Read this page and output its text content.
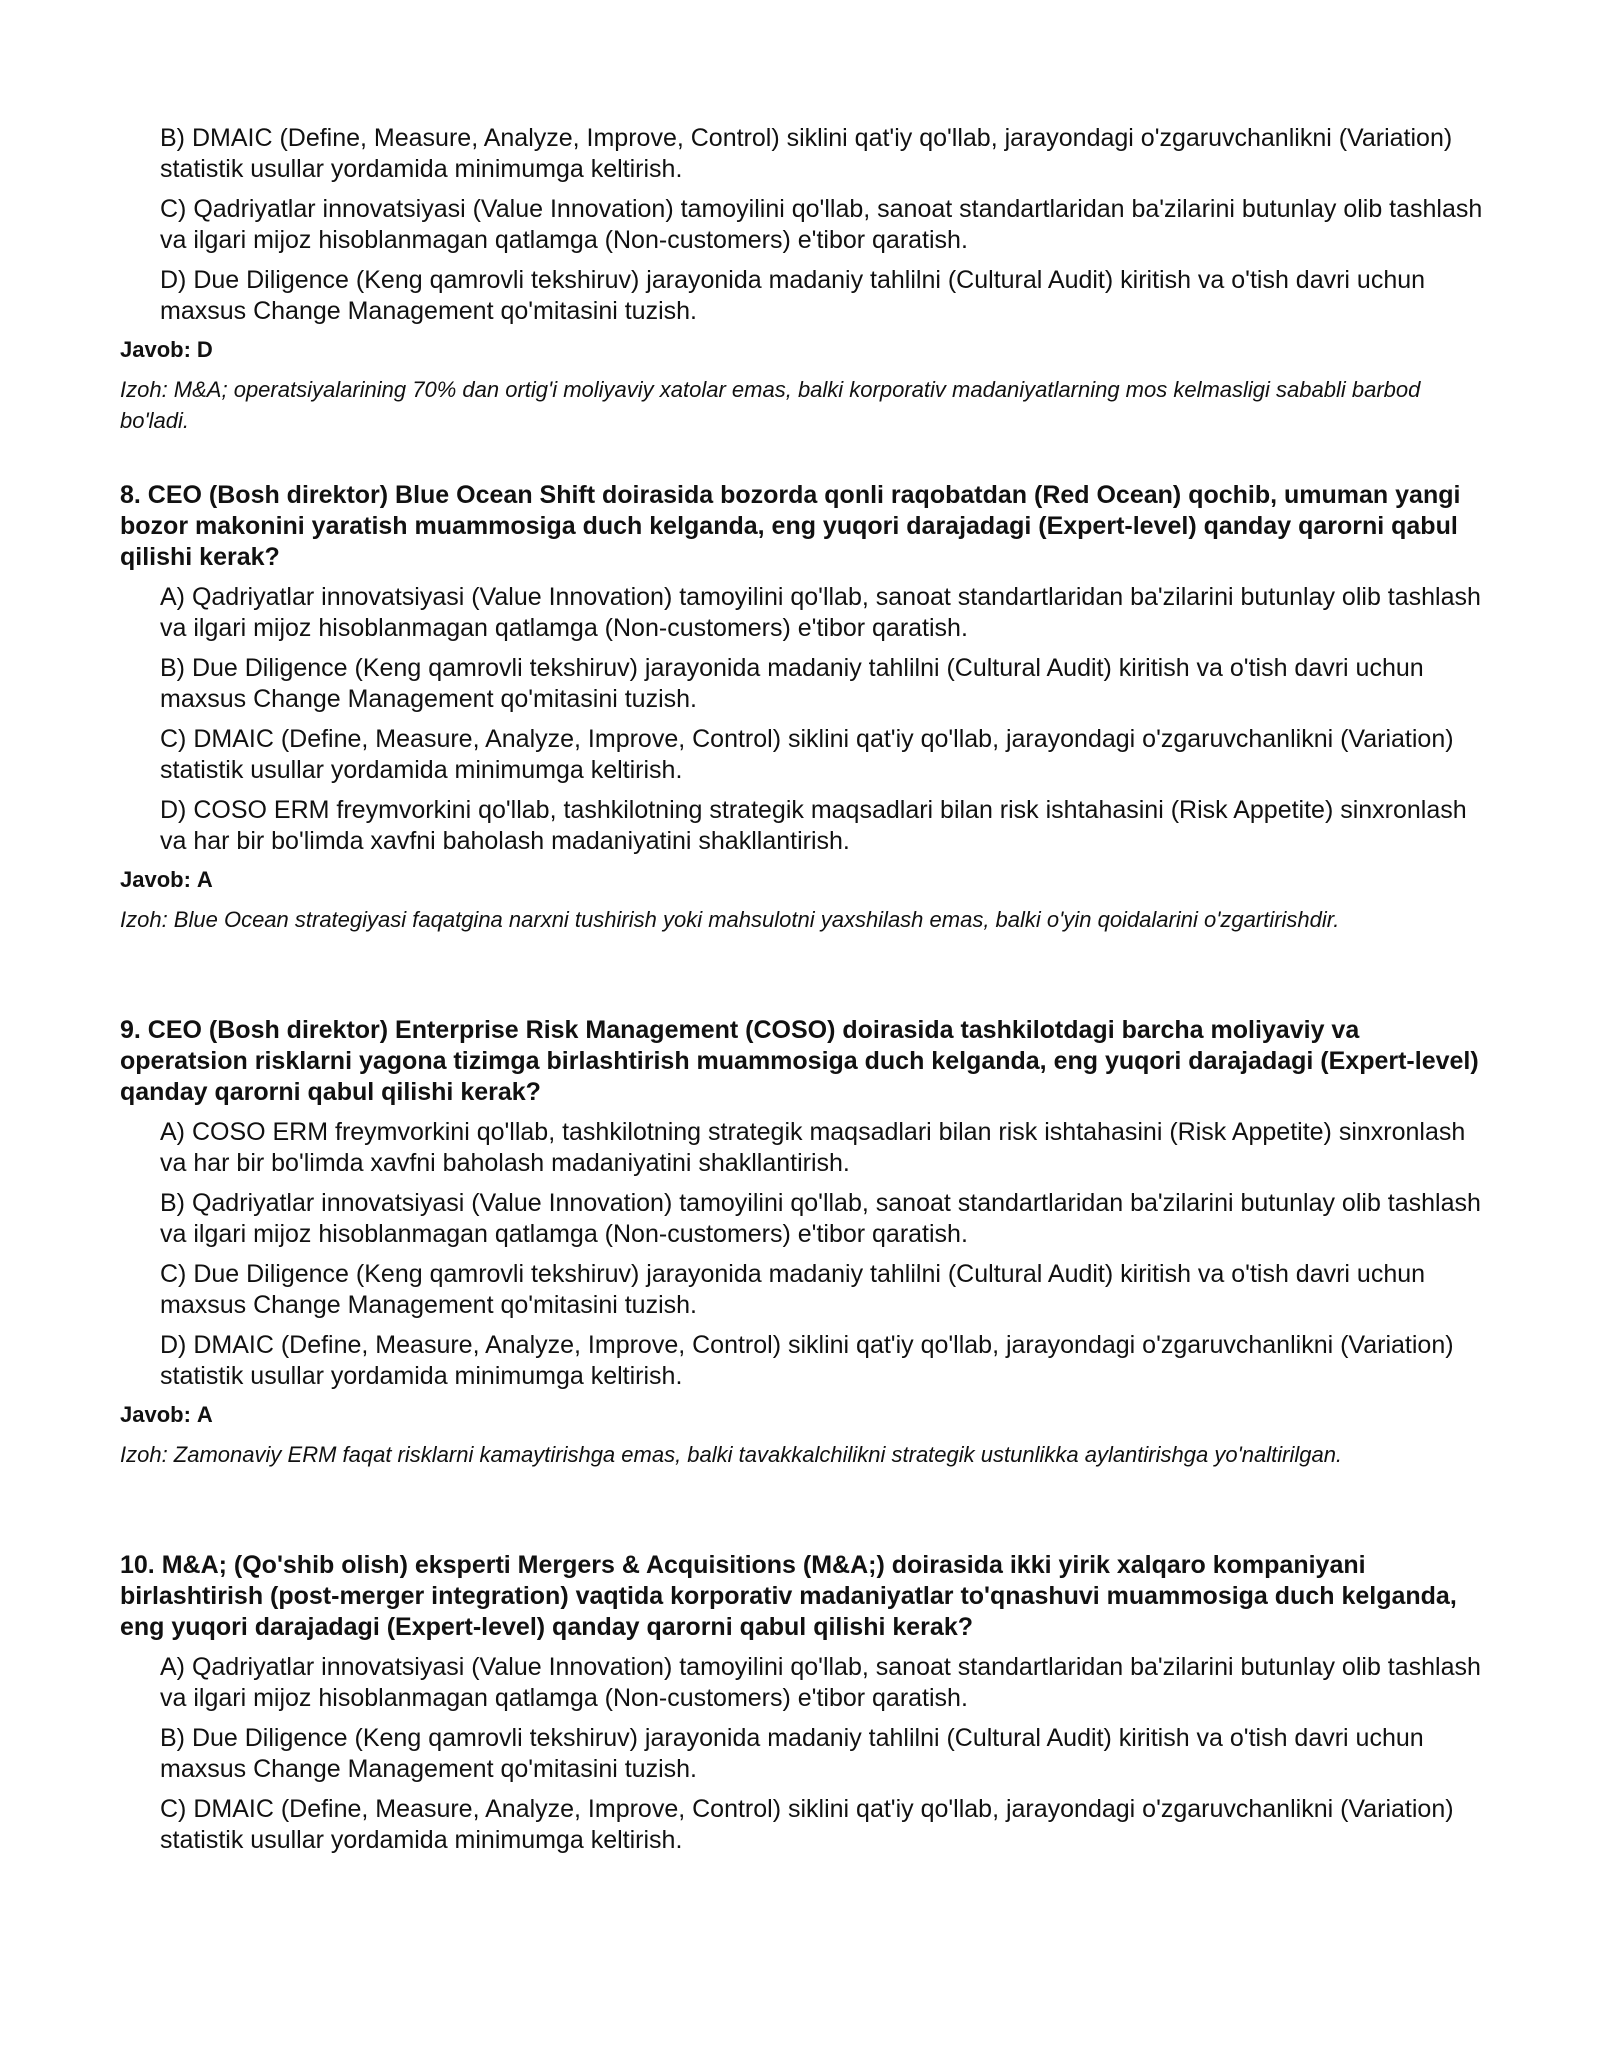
B) DMAIC (Define, Measure, Analyze, Improve, Control) siklini qat'iy qo'llab, jarayondagi o'zgaruvchanlikni (Variation) statistik usullar yordamida minimumga keltirish.

C) Qadriyatlar innovatsiyasi (Value Innovation) tamoyilini qo'llab, sanoat standartlaridan ba'zilarini butunlay olib tashlash va ilgari mijoz hisoblanmagan qatlamga (Non-customers) e'tibor qaratish.

D) Due Diligence (Keng qamrovli tekshiruv) jarayonida madaniy tahlilni (Cultural Audit) kiritish va o'tish davri uchun maxsus Change Management qo'mitasini tuzish.

Javob: D

Izoh: M&A; operatsiyalarining 70% dan ortig'i moliyaviy xatolar emas, balki korporativ madaniyatlarning mos kelmasligi sababli barbod bo'ladi.

8. CEO (Bosh direktor) Blue Ocean Shift doirasida bozorda qonli raqobatdan (Red Ocean) qochib, umuman yangi bozor makonini yaratish muammosiga duch kelganda, eng yuqori darajadagi (Expert-level) qanday qarorni qabul qilishi kerak?

A) Qadriyatlar innovatsiyasi (Value Innovation) tamoyilini qo'llab, sanoat standartlaridan ba'zilarini butunlay olib tashlash va ilgari mijoz hisoblanmagan qatlamga (Non-customers) e'tibor qaratish.

B) Due Diligence (Keng qamrovli tekshiruv) jarayonida madaniy tahlilni (Cultural Audit) kiritish va o'tish davri uchun maxsus Change Management qo'mitasini tuzish.

C) DMAIC (Define, Measure, Analyze, Improve, Control) siklini qat'iy qo'llab, jarayondagi o'zgaruvchanlikni (Variation) statistik usullar yordamida minimumga keltirish.

D) COSO ERM freymvorkini qo'llab, tashkilotning strategik maqsadlari bilan risk ishtahasini (Risk Appetite) sinxronlash va har bir bo'limda xavfni baholash madaniyatini shakllantirish.

Javob: A

Izoh: Blue Ocean strategiyasi faqatgina narxni tushirish yoki mahsulotni yaxshilash emas, balki o'yin qoidalarini o'zgartirishdir.

9. CEO (Bosh direktor) Enterprise Risk Management (COSO) doirasida tashkilotdagi barcha moliyaviy va operatsion risklarni yagona tizimga birlashtirish muammosiga duch kelganda, eng yuqori darajadagi (Expert-level) qanday qarorni qabul qilishi kerak?

A) COSO ERM freymvorkini qo'llab, tashkilotning strategik maqsadlari bilan risk ishtahasini (Risk Appetite) sinxronlash va har bir bo'limda xavfni baholash madaniyatini shakllantirish.

B) Qadriyatlar innovatsiyasi (Value Innovation) tamoyilini qo'llab, sanoat standartlaridan ba'zilarini butunlay olib tashlash va ilgari mijoz hisoblanmagan qatlamga (Non-customers) e'tibor qaratish.

C) Due Diligence (Keng qamrovli tekshiruv) jarayonida madaniy tahlilni (Cultural Audit) kiritish va o'tish davri uchun maxsus Change Management qo'mitasini tuzish.

D) DMAIC (Define, Measure, Analyze, Improve, Control) siklini qat'iy qo'llab, jarayondagi o'zgaruvchanlikni (Variation) statistik usullar yordamida minimumga keltirish.

Javob: A

Izoh: Zamonaviy ERM faqat risklarni kamaytirishga emas, balki tavakkalchilikni strategik ustunlikka aylantirishga yo'naltirilgan.

10. M&A; (Qo'shib olish) eksperti Mergers & Acquisitions (M&A;) doirasida ikki yirik xalqaro kompaniyani birlashtirish (post-merger integration) vaqtida korporativ madaniyatlar to'qnashuvi muammosiga duch kelganda, eng yuqori darajadagi (Expert-level) qanday qarorni qabul qilishi kerak?

A) Qadriyatlar innovatsiyasi (Value Innovation) tamoyilini qo'llab, sanoat standartlaridan ba'zilarini butunlay olib tashlash va ilgari mijoz hisoblanmagan qatlamga (Non-customers) e'tibor qaratish.

B) Due Diligence (Keng qamrovli tekshiruv) jarayonida madaniy tahlilni (Cultural Audit) kiritish va o'tish davri uchun maxsus Change Management qo'mitasini tuzish.

C) DMAIC (Define, Measure, Analyze, Improve, Control) siklini qat'iy qo'llab, jarayondagi o'zgaruvchanlikni (Variation) statistik usullar yordamida minimumga keltirish.
